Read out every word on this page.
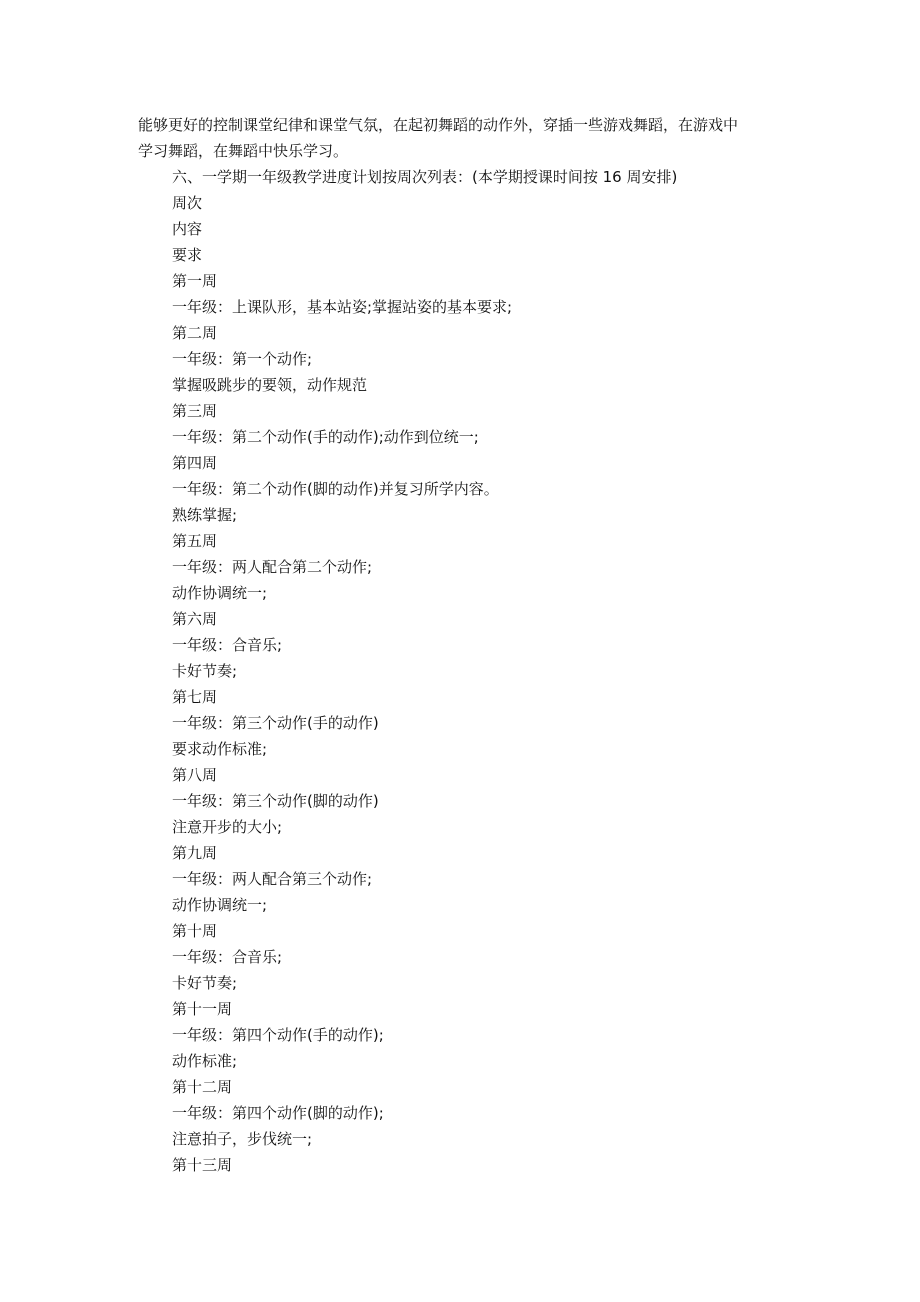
能够更好的控制课堂纪律和课堂气氛，在起初舞蹈的动作外，穿插一些游戏舞蹈，在游戏中

学习舞蹈，在舞蹈中快乐学习。

六、一学期一年级教学进度计划按周次列表：(本学期授课时间按 16 周安排)

周次

内容

要求

第一周

一年级：上课队形，基本站姿;掌握站姿的基本要求;

第二周

一年级：第一个动作;

掌握吸跳步的要领，动作规范

第三周

一年级：第二个动作(手的动作);动作到位统一;

第四周

一年级：第二个动作(脚的动作)并复习所学内容。

熟练掌握;

第五周

一年级：两人配合第二个动作;

动作协调统一;

第六周

一年级：合音乐;

卡好节奏;

第七周

一年级：第三个动作(手的动作)

要求动作标准;

第八周

一年级：第三个动作(脚的动作)

注意开步的大小;

第九周

一年级：两人配合第三个动作;

动作协调统一;

第十周

一年级：合音乐;

卡好节奏;

第十一周

一年级：第四个动作(手的动作);

动作标准;

第十二周

一年级：第四个动作(脚的动作);

注意拍子，步伐统一;

第十三周
